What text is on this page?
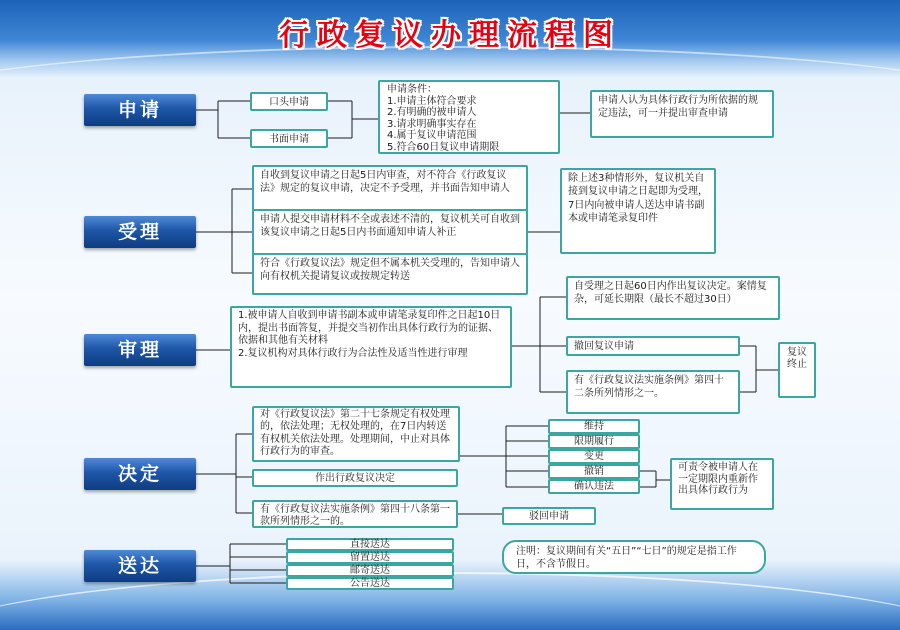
行政复议办理流程图
申请
受理
审理
决定
送达
口头申请
书面申请
申请条件：
1.申请主体符合要求
2.有明确的被申请人
3.请求明确事实存在
4.属于复议申请范围
5.符合60日复议申请期限
申请人认为具体行政行为所依据的规定违法，可一并提出审查申请
自收到复议申请之日起5日内审查，对不符合《行政复议法》规定的复议申请，决定不予受理，并书面告知申请人
申请人提交申请材料不全或表述不清的，复议机关可自收到该复议申请之日起5日内书面通知申请人补正
符合《行政复议法》规定但不属本机关受理的，告知申请人向有权机关提请复议或按规定转送
除上述3种情形外，复议机关自接到复议申请之日起即为受理，7日内向被申请人送达申请书副本或申请笔录复印件
1.被申请人自收到申请书副本或申请笔录复印件之日起10日内，提出书面答复，并提交当初作出具体行政行为的证据、依据和其他有关材料
2.复议机构对具体行政行为合法性及适当性进行审理
自受理之日起60日内作出复议决定。案情复杂，可延长期限（最长不超过30日）
撤回复议申请
有《行政复议法实施条例》第四十二条所列情形之一。
复议终止
对《行政复议法》第二十七条规定有权处理的，依法处理；无权处理的，在7日内转送有权机关依法处理。处理期间，中止对具体行政行为的审查。
作出行政复议决定
有《行政复议法实施条例》第四十八条第一款所列情形之一的。
维持
限期履行
变更
撤销
确认违法
可责令被申请人在一定期限内重新作出具体行政行为
驳回申请
直接送达
留置送达
邮寄送达
公告送达
注明：复议期间有关“五日”“七日”的规定是指工作日，不含节假日。
